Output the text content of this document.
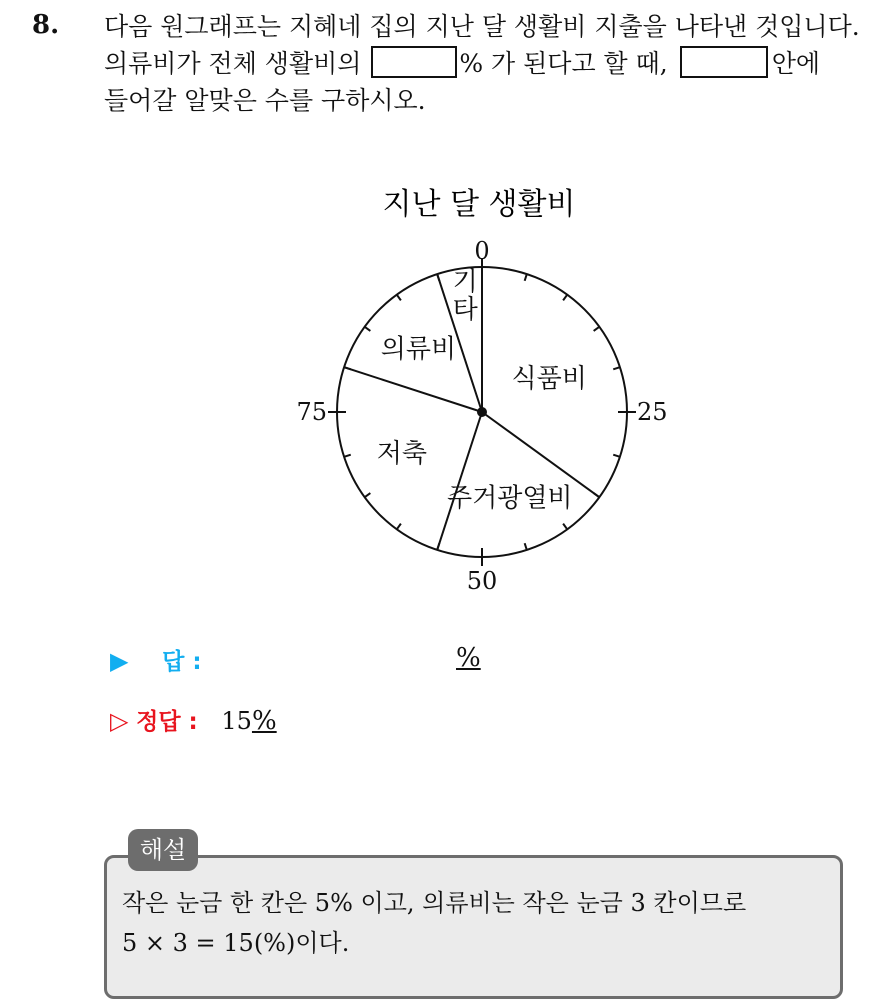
8. 다음 원그래프는 지혜네 집의 지난 달 생활비 지출을 나타낸 것입니다.
의류비가 전체 생활비의	% 가 된다고 할 때,	안에
들어갈 알맞은 수를 구하시오.
지난 달 생활비
0
25
50
75
식품비
주거광열비
저축
의류비
기 타
▶ 답 :	%
▷ 정답 : 15%
해설
작은 눈금 한 칸은 5% 이고, 의류비는 작은 눈금 3 칸이므로
5 × 3 = 15(%)이다.
